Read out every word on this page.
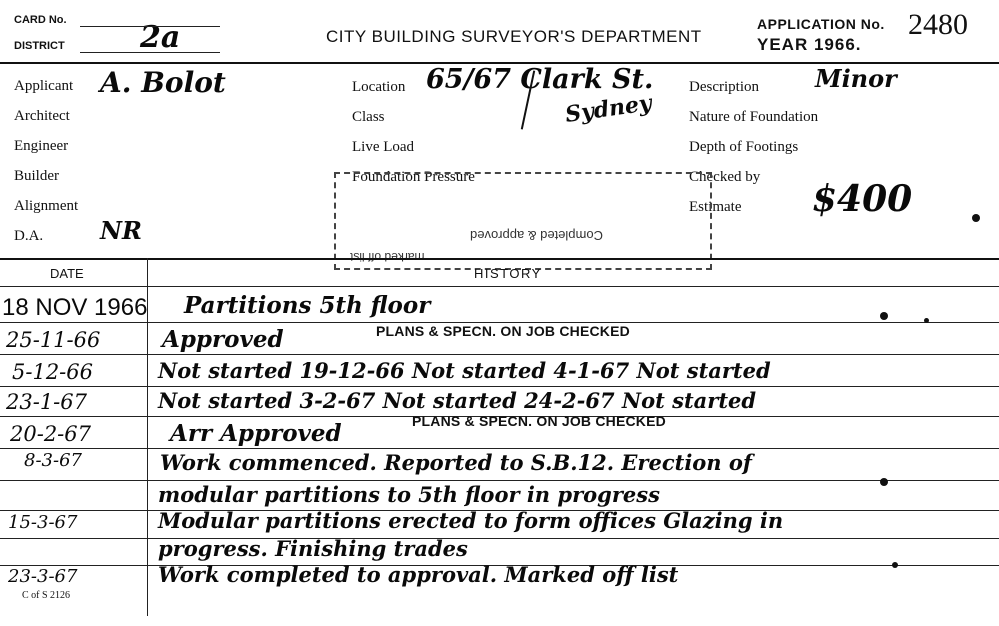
CARD No.
DISTRICT	2a	CITY BUILDING SURVEYOR'S DEPARTMENT
APPLICATION No. 2480
YEAR 1966.
Applicant A. Bolot
Architect
Engineer
Builder
Alignment
D.A. NR
Location 65/67 Clark St.
Sydney
Class
Live Load
Foundation Pressure
Description Minor
Nature of Foundation
Depth of Footings
Checked by
Estimate $400
Completed & approved
marked off list
DATE	HISTORY
18 NOV 1966 Partitions 5th floor
25-11-66	Approved	PLANS & SPECN. ON JOB CHECKED
5-12-66	Not started 19-12-66 Not started 4-1-67 Not started
23-1-67	Not started 3-2-67 Not started 24-2-67 Not started
20-2-67	Arr Approved	PLANS & SPECN. ON JOB CHECKED
8-3-67	Work commenced. Reported to S.B.12. Erection of
modular partitions to 5th floor in progress
15-3-67	Modular partitions erected to form offices Glazing in
progress. Finishing trades
23-3-67	Work completed to approval. Marked off list
C of S 2126
